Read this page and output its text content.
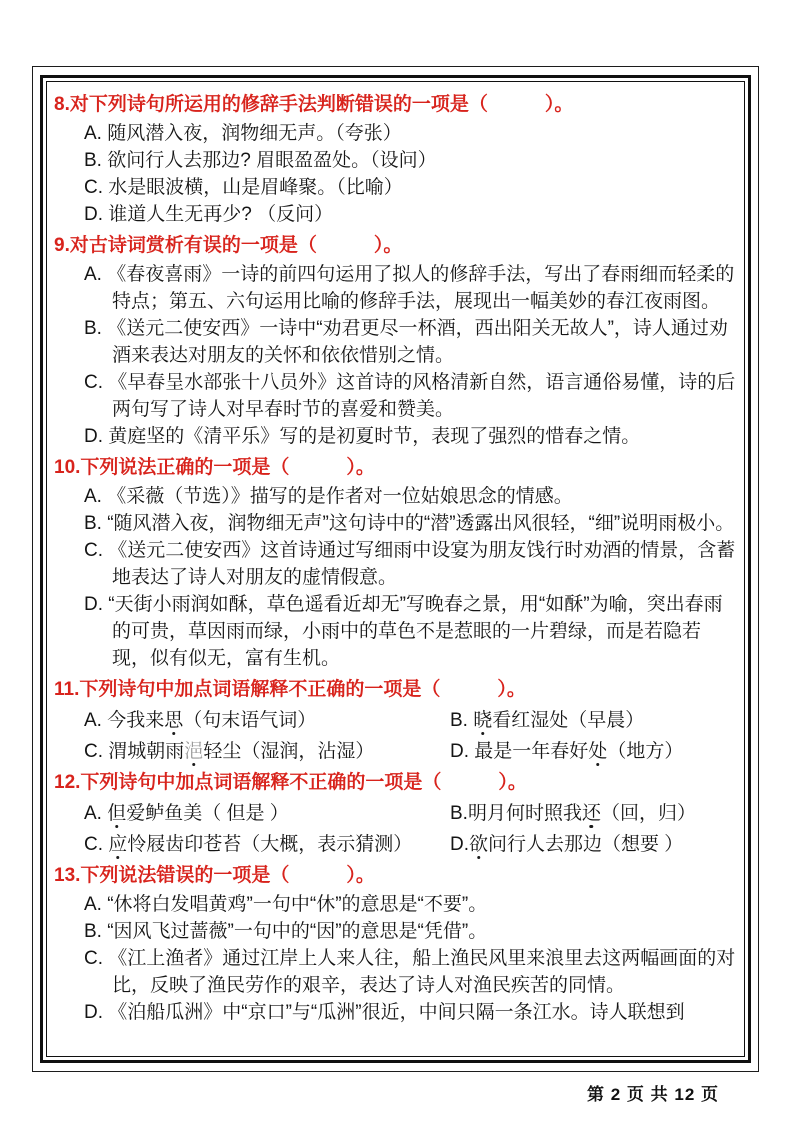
8.对下列诗句所运用的修辞手法判断错误的一项是（　　　）。
A. 随风潜入夜，润物细无声。（夸张）
B. 欲问行人去那边? 眉眼盈盈处。（设问）
C. 水是眼波横，山是眉峰聚。（比喻）
D. 谁道人生无再少? （反问）
9.对古诗词赏析有误的一项是（　　　）。
A. 《春夜喜雨》一诗的前四句运用了拟人的修辞手法，写出了春雨细而轻柔的特点；第五、六句运用比喻的修辞手法，展现出一幅美妙的春江夜雨图。
B. 《送元二使安西》一诗中“劝君更尽一杯酒，西出阳关无故人”，诗人通过劝酒来表达对朋友的关怀和依依惜别之情。
C. 《早春呈水部张十八员外》这首诗的风格清新自然，语言通俗易懂，诗的后两句写了诗人对早春时节的喜爱和赞美。
D. 黄庭坚的《清平乐》写的是初夏时节，表现了强烈的惜春之情。
10.下列说法正确的一项是（　　　）。
A. 《采薇（节选）》描写的是作者对一位姑娘思念的情感。
B. “随风潜入夜，润物细无声”这句诗中的“潜”透露出风很轻，“细”说明雨极小。
C. 《送元二使安西》这首诗通过写细雨中设宴为朋友饯行时劝酒的情景，含蓄地表达了诗人对朋友的虚情假意。
D. “天街小雨润如酥，草色遥看近却无”写晚春之景，用“如酥”为喻，突出春雨的可贵，草因雨而绿，小雨中的草色不是惹眼的一片碧绿，而是若隐若现，似有似无，富有生机。
11.下列诗句中加点词语解释不正确的一项是（　　　）。
A. 今我来思（句末语气词）	B. 晓看红湿处（早晨）
C. 渭城朝雨浥轻尘（湿润，沾湿）	D. 最是一年春好处（地方）
12.下列诗句中加点词语解释不正确的一项是（　　　）。
A. 但爱鲈鱼美（ 但是 ）	B.明月何时照我还（回，归）
C. 应怜屐齿印苍苔（大概，表示猜测）	D.欲问行人去那边（想要 ）
13.下列说法错误的一项是（　　　）。
A. “休将白发唱黄鸡”一句中“休”的意思是“不要”。
B. “因风飞过蔷薇”一句中的“因”的意思是“凭借”。
C. 《江上渔者》通过江岸上人来人往，船上渔民风里来浪里去这两幅画面的对比，反映了渔民劳作的艰辛，表达了诗人对渔民疾苦的同情。
D. 《泊船瓜洲》中“京口”与“瓜洲”很近，中间只隔一条江水。诗人联想到

第 2 页 共 12 页
